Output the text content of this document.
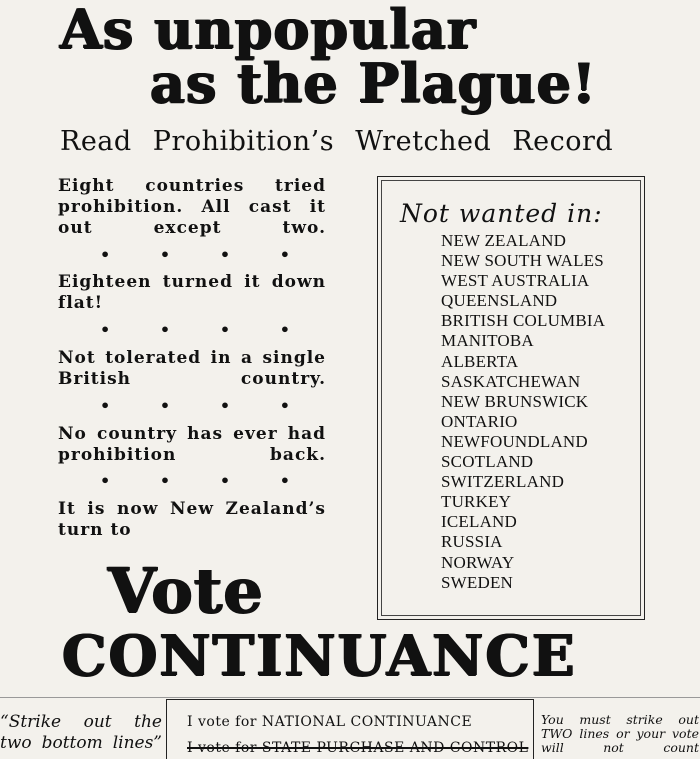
As unpopular
as the Plague!
Read Prohibition’s Wretched Record
Eight countries tried prohibition. All cast it out except two.
•	•	•	•
Eighteen turned it down flat!
•	•	•	•
Not tolerated in a single British country.
•	•	•	•
No country has ever had prohibition back.
•	•	•	•
It is now New Zealand’s turn to
Not wanted in:
NEW ZEALAND
NEW SOUTH WALES
WEST AUSTRALIA
QUEENSLAND
BRITISH COLUMBIA
MANITOBA
ALBERTA
SASKATCHEWAN
NEW BRUNSWICK
ONTARIO
NEWFOUNDLAND
SCOTLAND
SWITZERLAND
TURKEY
ICELAND
RUSSIA
NORWAY
SWEDEN
Vote
CONTINUANCE
“Strike out the two bottom lines”
I vote for NATIONAL CONTINUANCE
I vote for STATE PURCHASE AND CONTROL
You must strike out TWO lines or your vote will not count
